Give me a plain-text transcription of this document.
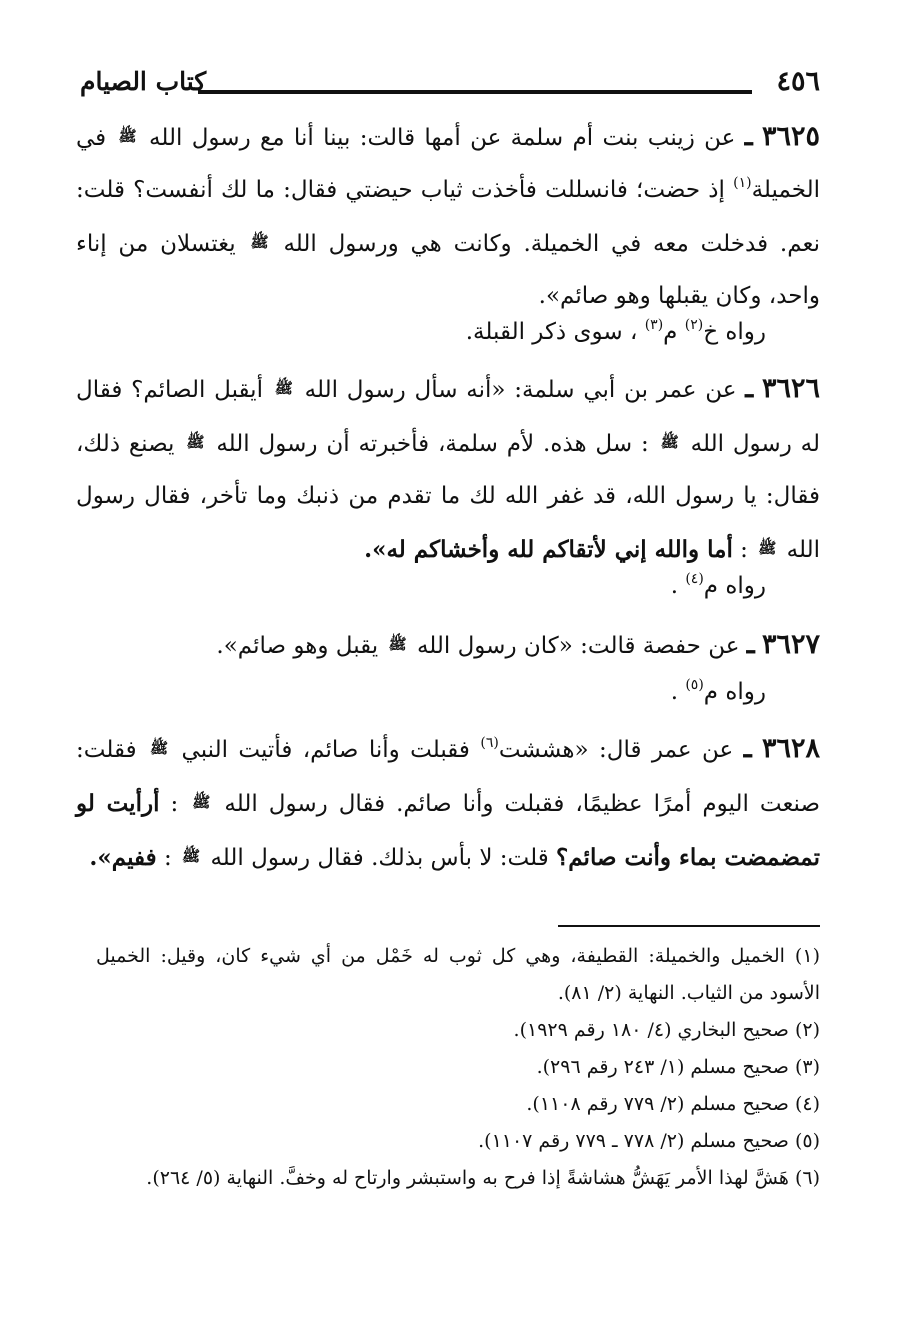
٤٥٦
كتاب الصيام

٣٦٢٥ ـ عن زينب بنت أم سلمة عن أمها قالت: بينا أنا مع رسول الله ﷺ في الخميلة$^{(١)}$ إذ حضت؛ فانسللت فأخذت ثياب حيضتي فقال: ما لك أنفست؟ قلت: نعم. فدخلت معه في الخميلة. وكانت هي ورسول الله ﷺ يغتسلان من إناء واحد، وكان يقبلها وهو صائم».

رواه خ$^{(٢)}$ م$^{(٣)}$ ، سوى ذكر القبلة.

٣٦٢٦ ـ عن عمر بن أبي سلمة: «أنه سأل رسول الله ﷺ أيقبل الصائم؟ فقال له رسول الله ﷺ : سل هذه. لأم سلمة، فأخبرته أن رسول الله ﷺ يصنع ذلك، فقال: يا رسول الله، قد غفر الله لك ما تقدم من ذنبك وما تأخر، فقال رسول الله ﷺ : أما والله إني لأتقاكم لله وأخشاكم له».

رواه م$^{(٤)}$ .

٣٦٢٧ ـ عن حفصة قالت: «كان رسول الله ﷺ يقبل وهو صائم».

رواه م$^{(٥)}$ .

٣٦٢٨ ـ عن عمر قال: «هششت$^{(٦)}$ فقبلت وأنا صائم، فأتيت النبي ﷺ فقلت: صنعت اليوم أمرًا عظيمًا، فقبلت وأنا صائم. فقال رسول الله ﷺ : أرأيت لو تمضمضت بماء وأنت صائم؟ قلت: لا بأس بذلك. فقال رسول الله ﷺ : ففيم».

(١) الخميل والخميلة: القطيفة، وهي كل ثوب له خَمْل من أي شيء كان، وقيل: الخميل الأسود من الثياب. النهاية (٢/ ٨١).

(٢) صحيح البخاري (٤/ ١٨٠ رقم ١٩٢٩).

(٣) صحيح مسلم (١/ ٢٤٣ رقم ٢٩٦).

(٤) صحيح مسلم (٢/ ٧٧٩ رقم ١١٠٨).

(٥) صحيح مسلم (٢/ ٧٧٨ ـ ٧٧٩ رقم ١١٠٧).

(٦) هَشَّ لهذا الأمر يَهَشُّ هشاشةً إذا فرح به واستبشر وارتاح له وخفَّ. النهاية (٥/ ٢٦٤).
